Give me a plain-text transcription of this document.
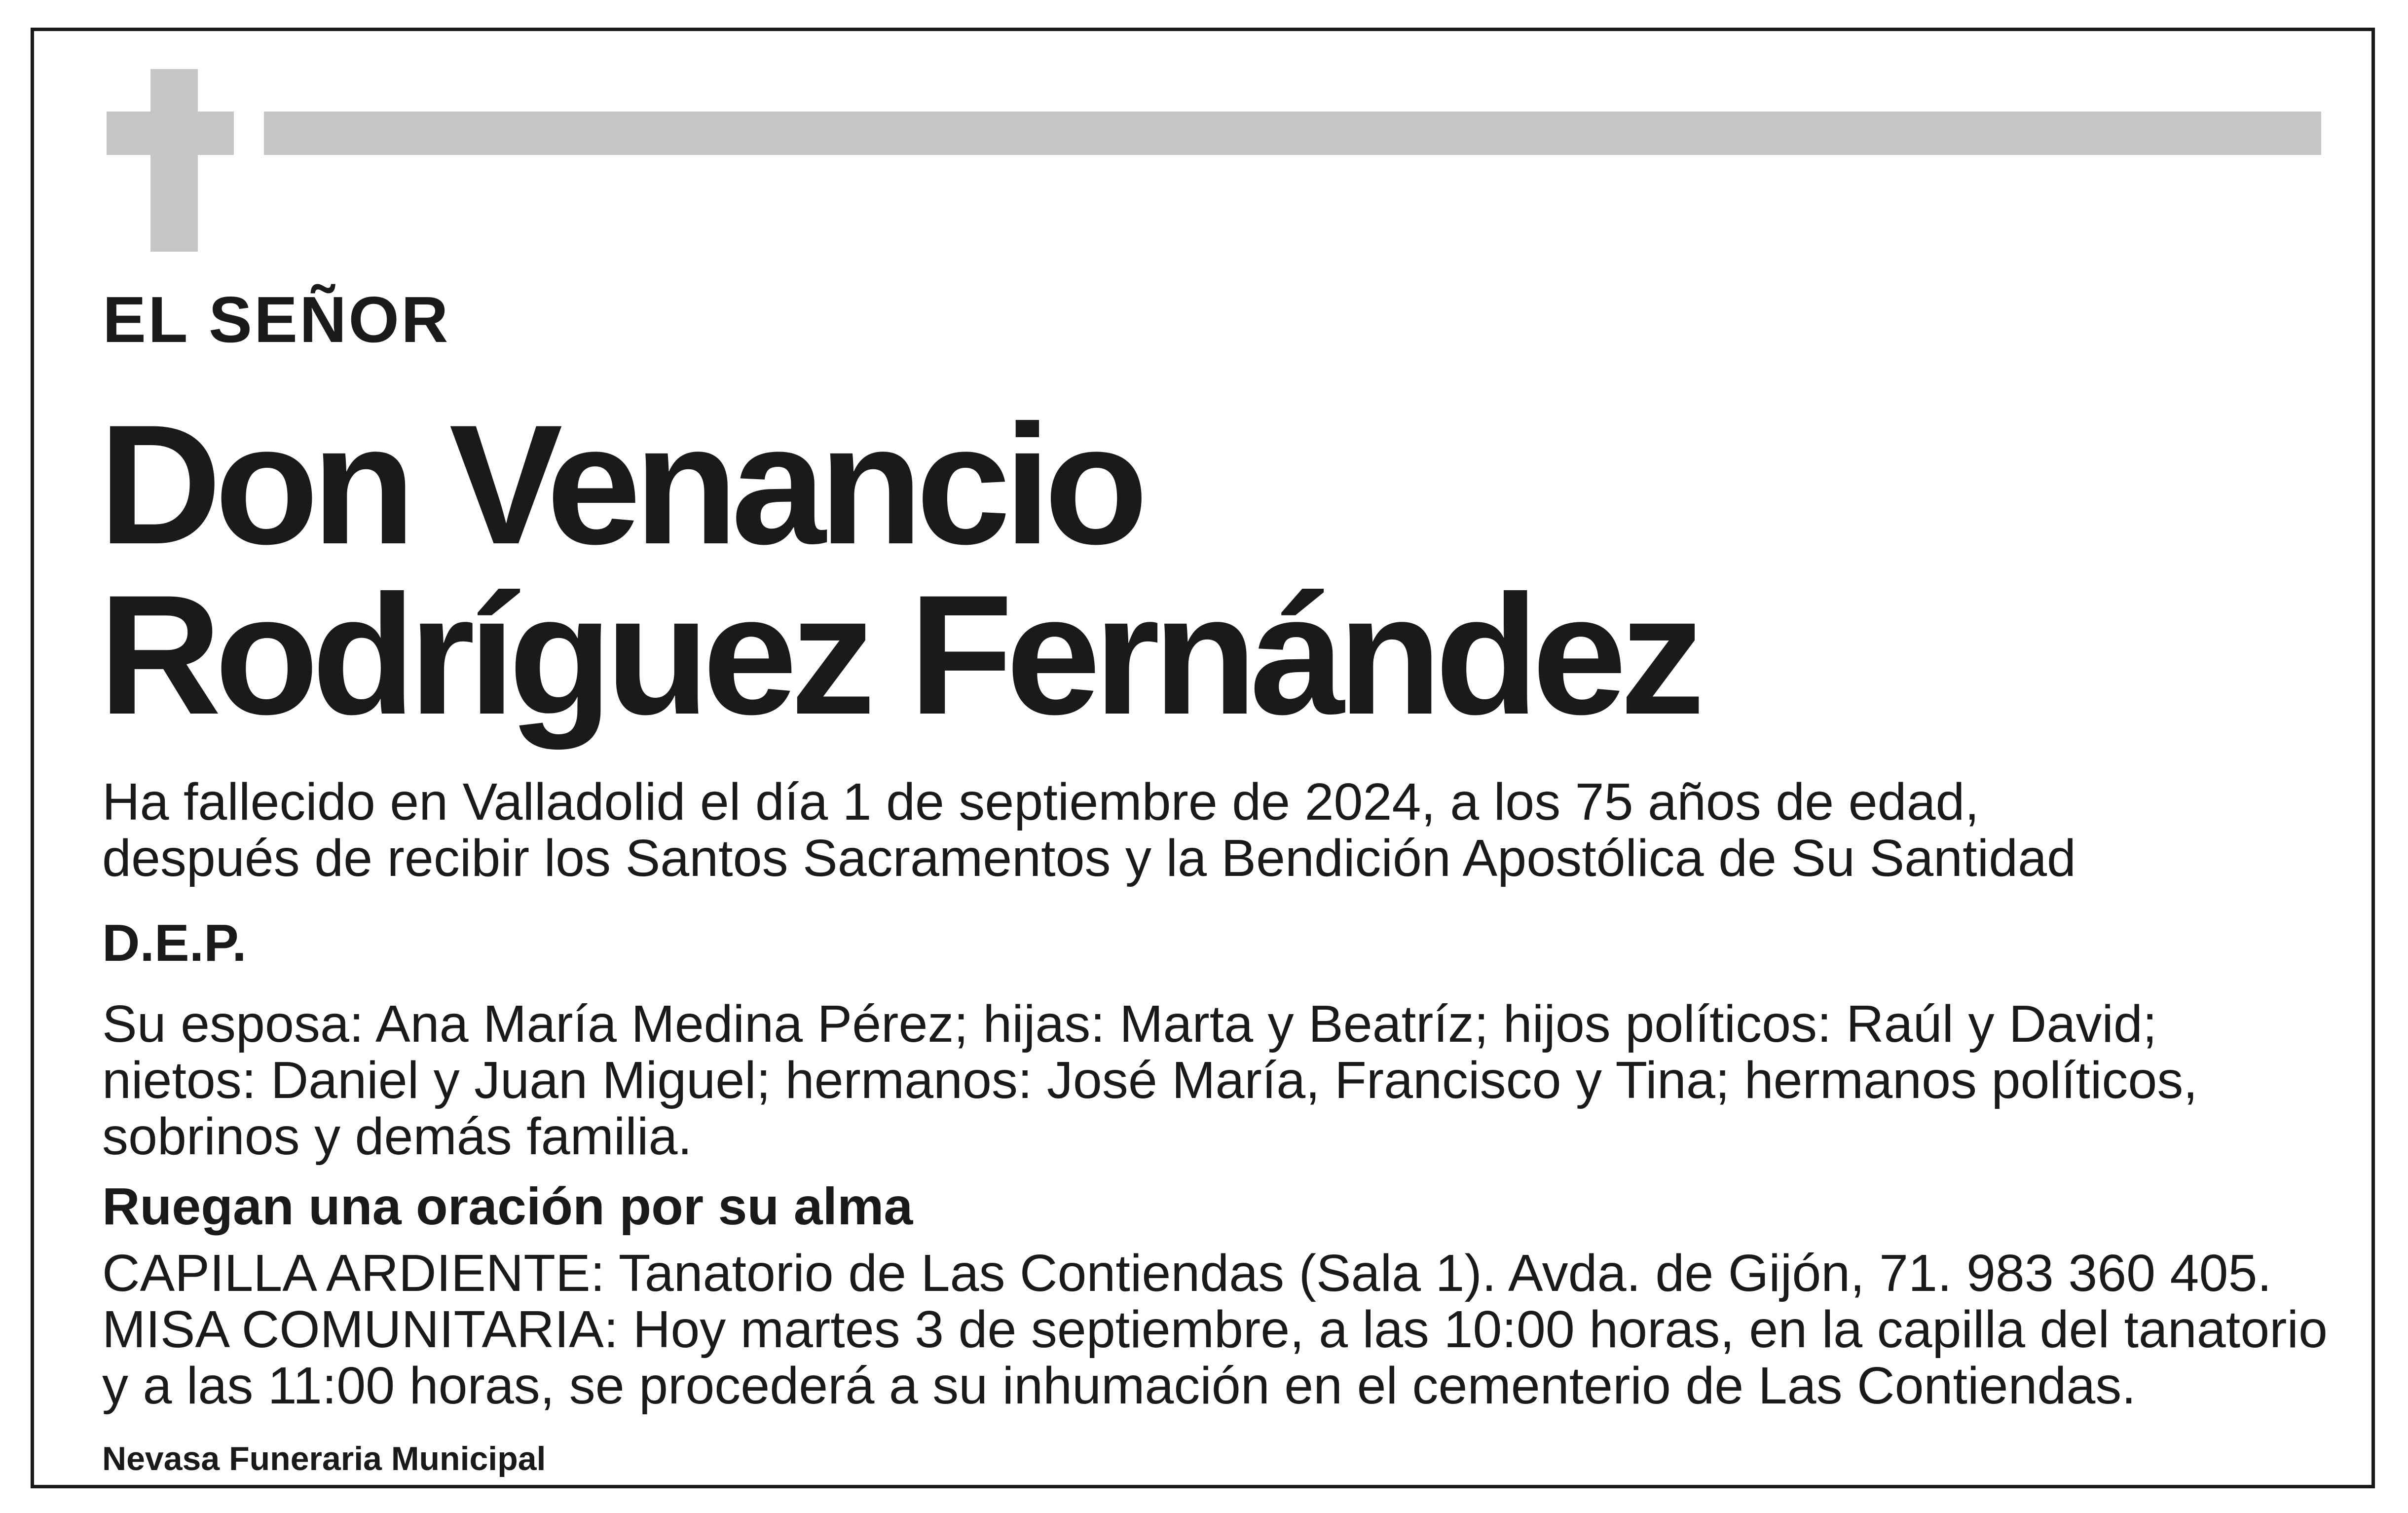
EL SEÑOR
Don Venancio
Rodríguez Fernández
Ha fallecido en Valladolid el día 1 de septiembre de 2024, a los 75 años de edad,
después de recibir los Santos Sacramentos y la Bendición Apostólica de Su Santidad
D.E.P.
Su esposa: Ana María Medina Pérez; hijas: Marta y Beatríz; hijos políticos: Raúl y David;
nietos: Daniel y Juan Miguel; hermanos: José María, Francisco y Tina; hermanos políticos,
sobrinos y demás familia.
Ruegan una oración por su alma
CAPILLA ARDIENTE: Tanatorio de Las Contiendas (Sala 1). Avda. de Gijón, 71. 983 360 405.
MISA COMUNITARIA: Hoy martes 3 de septiembre, a las 10:00 horas, en la capilla del tanatorio
y a las 11:00 horas, se procederá a su inhumación en el cementerio de Las Contiendas.
Nevasa Funeraria Municipal
